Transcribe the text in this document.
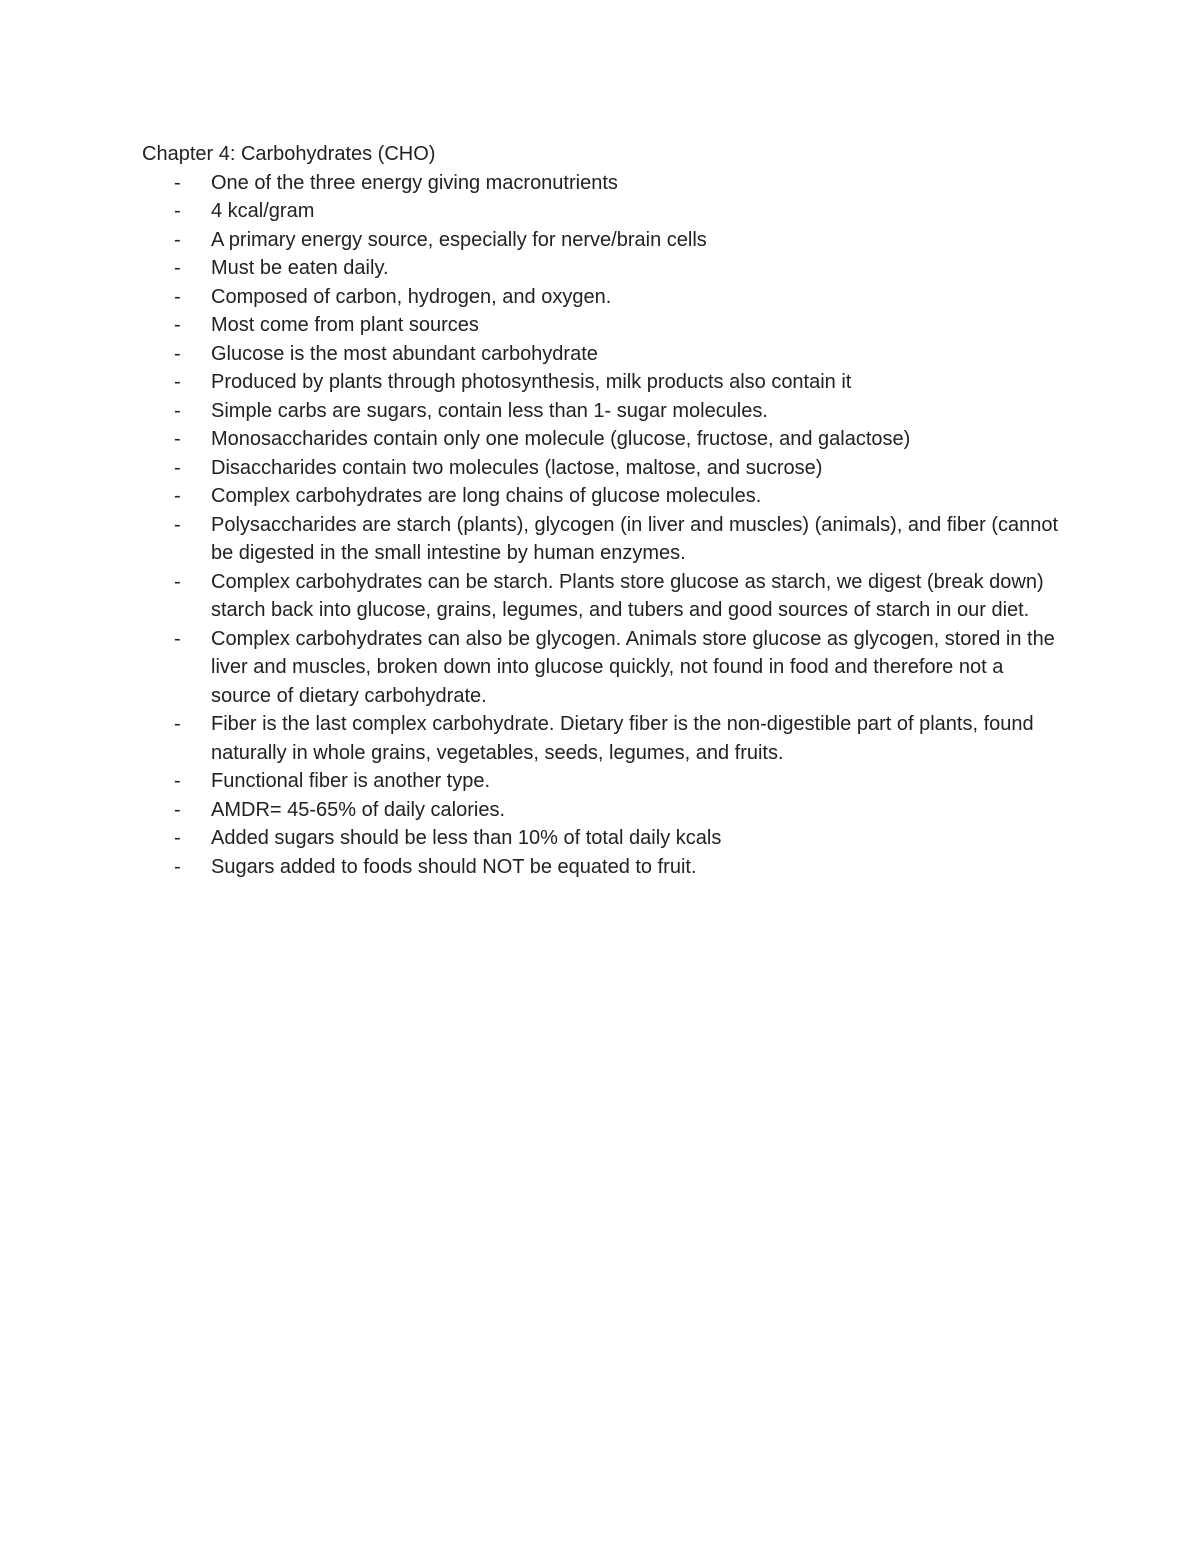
Chapter 4: Carbohydrates (CHO)
- One of the three energy giving macronutrients
- 4 kcal/gram
- A primary energy source, especially for nerve/brain cells
- Must be eaten daily.
- Composed of carbon, hydrogen, and oxygen.
- Most come from plant sources
- Glucose is the most abundant carbohydrate
- Produced by plants through photosynthesis, milk products also contain it
- Simple carbs are sugars, contain less than 1- sugar molecules.
- Monosaccharides contain only one molecule (glucose, fructose, and galactose)
- Disaccharides contain two molecules (lactose, maltose, and sucrose)
- Complex carbohydrates are long chains of glucose molecules.
- Polysaccharides are starch (plants), glycogen (in liver and muscles) (animals), and fiber (cannot be digested in the small intestine by human enzymes.
- Complex carbohydrates can be starch. Plants store glucose as starch, we digest (break down) starch back into glucose, grains, legumes, and tubers and good sources of starch in our diet.
- Complex carbohydrates can also be glycogen. Animals store glucose as glycogen, stored in the liver and muscles, broken down into glucose quickly, not found in food and therefore not a source of dietary carbohydrate.
- Fiber is the last complex carbohydrate. Dietary fiber is the non-digestible part of plants, found naturally in whole grains, vegetables, seeds, legumes, and fruits.
- Functional fiber is another type.
- AMDR= 45-65% of daily calories.
- Added sugars should be less than 10% of total daily kcals
- Sugars added to foods should NOT be equated to fruit.
